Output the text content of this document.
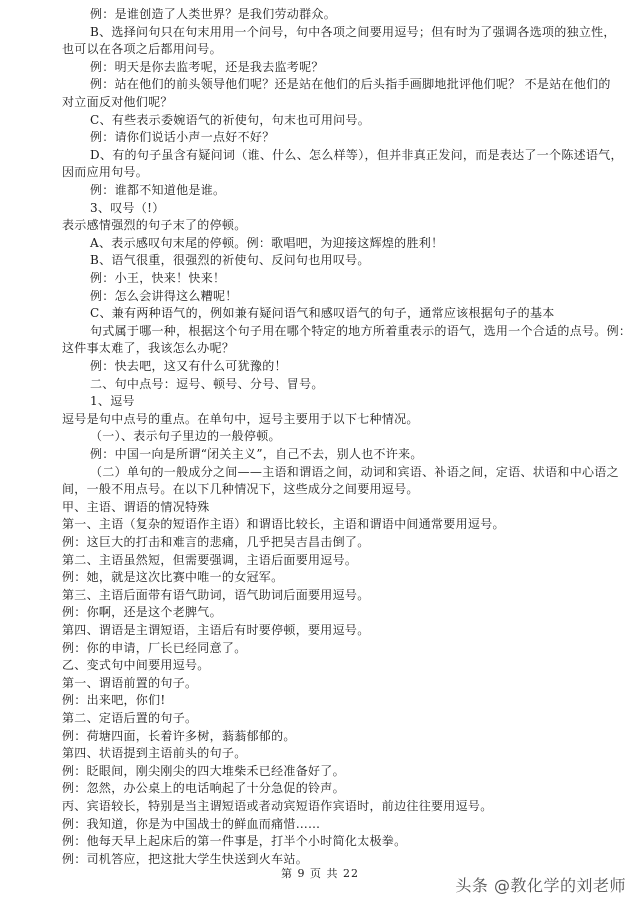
例：是谁创造了人类世界？是我们劳动群众。
B、选择问句只在句末用用一个问号，句中各项之间要用逗号；但有时为了强调各选项的独立性，
也可以在各项之后都用问号。
例：明天是你去监考呢，还是我去监考呢？
例：站在他们的前头领导他们呢？还是站在他们的后头指手画脚地批评他们呢？ 不是站在他们的
对立面反对他们呢？
C、有些表示委婉语气的祈使句，句末也可用问号。
例：请你们说话小声一点好不好？
D、有的句子虽含有疑问词（谁、什么、怎么样等），但并非真正发问，而是表达了一个陈述语气，
因而应用句号。
例：谁都不知道他是谁。
3、叹号（!）
表示感情强烈的句子末了的停顿。
A、表示感叹句末尾的停顿。例：歌唱吧，为迎接这辉煌的胜利！
B、语气很重，很强烈的祈使句、反问句也用叹号。
例：小王，快来！快来！
例：怎么会讲得这么糟呢！
C、兼有两种语气的，例如兼有疑问语气和感叹语气的句子，通常应该根据句子的基本
句式属于哪一种，根据这个句子用在哪个特定的地方所着重表示的语气，选用一个合适的点号。例：
这件事太难了，我该怎么办呢？
例：快去吧，这又有什么可犹豫的！
二、句中点号：逗号、顿号、分号、冒号。
1、逗号
逗号是句中点号的重点。在单句中，逗号主要用于以下七种情况。
（一）、表示句子里边的一般停顿。
例：中国一向是所谓“闭关主义”，自己不去，别人也不许来。
（二）单句的一般成分之间——主语和谓语之间，动词和宾语、补语之间，定语、状语和中心语之
间，一般不用点号。在以下几种情况下，这些成分之间要用逗号。
甲、主语、谓语的情况特殊
第一、主语（复杂的短语作主语）和谓语比较长，主语和谓语中间通常要用逗号。
例：这巨大的打击和难言的悲痛，几乎把吴吉昌击倒了。
第二、主语虽然短，但需要强调，主语后面要用逗号。
例：她，就是这次比赛中唯一的女冠军。
第三、主语后面带有语气助词，语气助词后面要用逗号。
例：你啊，还是这个老脾气。
第四、谓语是主谓短语，主语后有时要停顿，要用逗号。
例：你的申请，厂长已经同意了。
乙、变式句中间要用逗号。
第一、谓语前置的句子。
例：出来吧，你们!
第二、定语后置的句子。
例：荷塘四面，长着许多树，蓊蓊郁郁的。
第四、状语提到主语前头的句子。
例：眨眼间，刚尖刚尖的四大堆柴禾已经准备好了。
例：忽然，办公桌上的电话响起了十分急促的铃声。
丙、宾语较长，特别是当主谓短语或者动宾短语作宾语时，前边往往要用逗号。
例：我知道，你是为中国战士的鲜血而痛惜……
例：他每天早上起床后的第一件事是，打半个小时简化太极拳。
例：司机答应，把这批大学生快送到火车站。
第 9 页 共 22
头条 @教化学的刘老师
